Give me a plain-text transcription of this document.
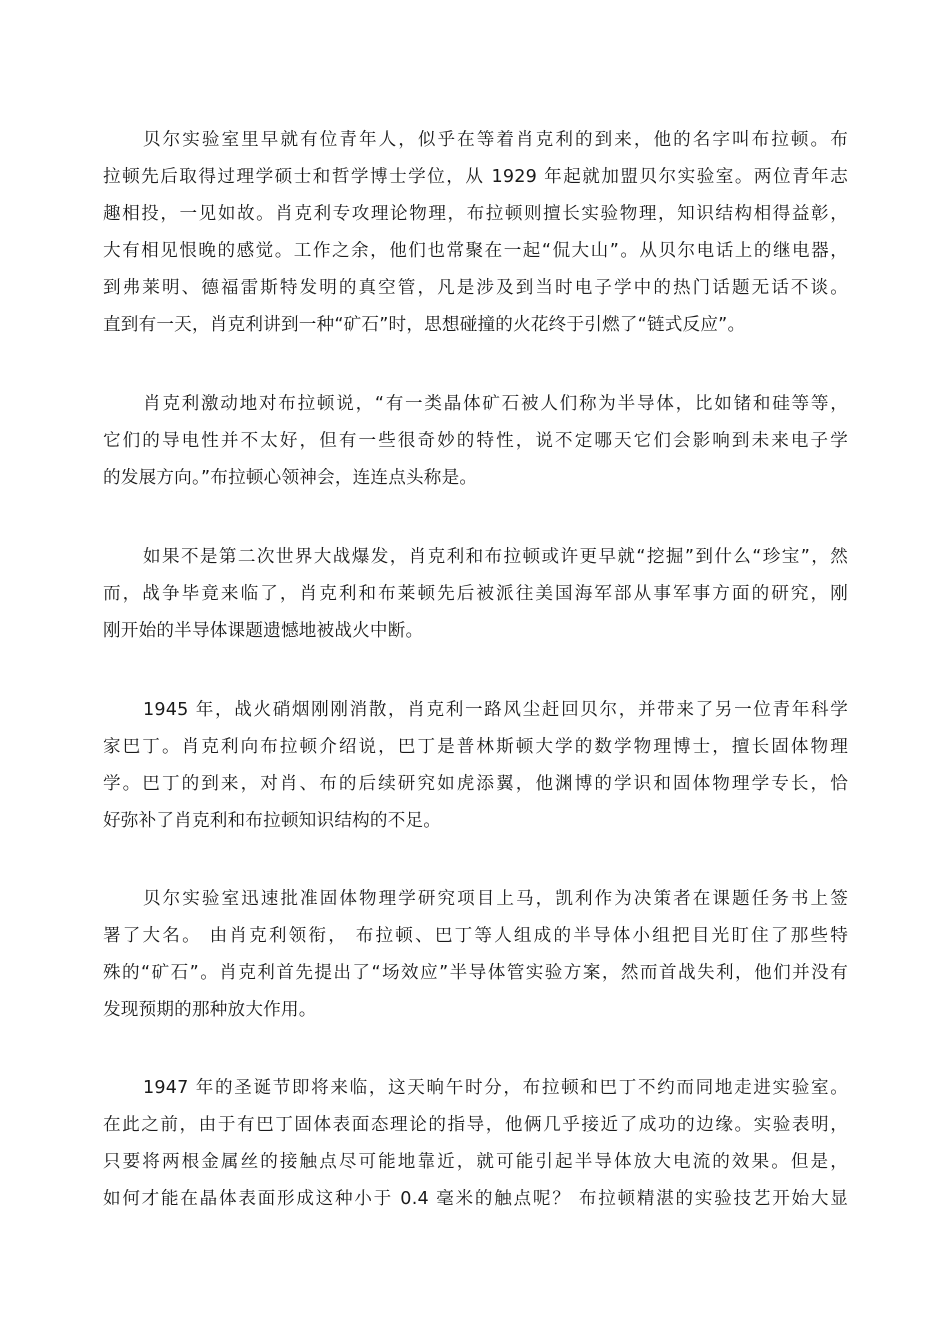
贝尔实验室里早就有位青年人，似乎在等着肖克利的到来，他的名字叫布拉顿。布
拉顿先后取得过理学硕士和哲学博士学位，从 1929 年起就加盟贝尔实验室。两位青年志
趣相投，一见如故。肖克利专攻理论物理，布拉顿则擅长实验物理，知识结构相得益彰，
大有相见恨晚的感觉。工作之余，他们也常聚在一起“侃大山”。从贝尔电话上的继电器，
到弗莱明、德福雷斯特发明的真空管，凡是涉及到当时电子学中的热门话题无话不谈。
直到有一天，肖克利讲到一种“矿石”时，思想碰撞的火花终于引燃了“链式反应”。
肖克利激动地对布拉顿说，“有一类晶体矿石被人们称为半导体，比如锗和硅等等，
它们的导电性并不太好，但有一些很奇妙的特性，说不定哪天它们会影响到未来电子学
的发展方向。”布拉顿心领神会，连连点头称是。
如果不是第二次世界大战爆发，肖克利和布拉顿或许更早就“挖掘”到什么“珍宝”，然
而，战争毕竟来临了，肖克利和布莱顿先后被派往美国海军部从事军事方面的研究，刚
刚开始的半导体课题遗憾地被战火中断。
1945 年，战火硝烟刚刚消散，肖克利一路风尘赶回贝尔，并带来了另一位青年科学
家巴丁。肖克利向布拉顿介绍说，巴丁是普林斯顿大学的数学物理博士，擅长固体物理
学。巴丁的到来，对肖、布的后续研究如虎添翼，他渊博的学识和固体物理学专长，恰
好弥补了肖克利和布拉顿知识结构的不足。
贝尔实验室迅速批准固体物理学研究项目上马，凯利作为决策者在课题任务书上签
署了大名。 由肖克利领衔， 布拉顿、巴丁等人组成的半导体小组把目光盯住了那些特
殊的“矿石”。肖克利首先提出了“场效应”半导体管实验方案，然而首战失利，他们并没有
发现预期的那种放大作用。
1947 年的圣诞节即将来临，这天晌午时分，布拉顿和巴丁不约而同地走进实验室。
在此之前，由于有巴丁固体表面态理论的指导，他俩几乎接近了成功的边缘。实验表明，
只要将两根金属丝的接触点尽可能地靠近，就可能引起半导体放大电流的效果。但是，
如何才能在晶体表面形成这种小于 0.4 毫米的触点呢？ 布拉顿精湛的实验技艺开始大显
